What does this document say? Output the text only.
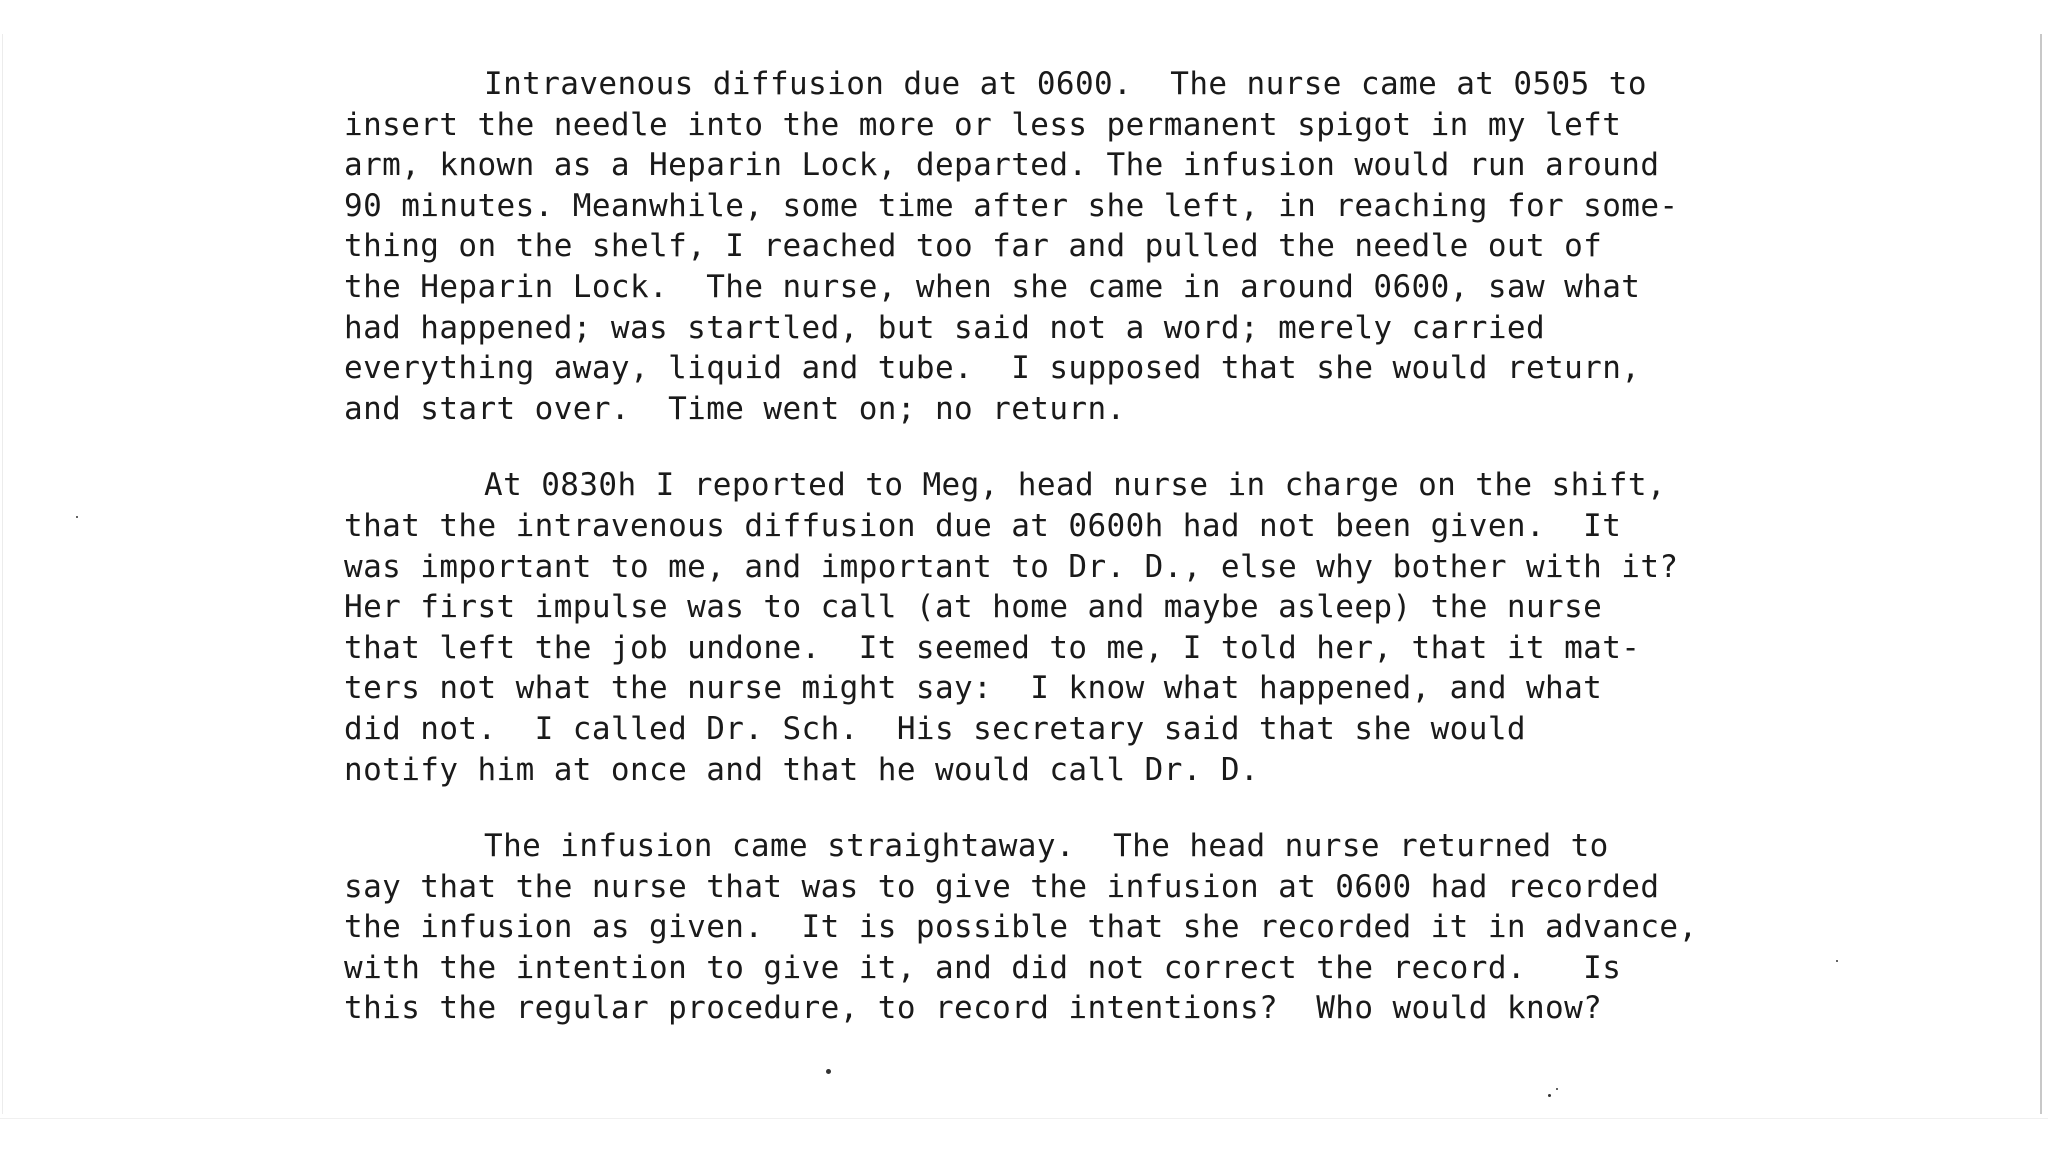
Intravenous diffusion due at 0600.  The nurse came at 0505 to
insert the needle into the more or less permanent spigot in my left
arm, known as a Heparin Lock, departed. The infusion would run around
90 minutes. Meanwhile, some time after she left, in reaching for some-
thing on the shelf, I reached too far and pulled the needle out of
the Heparin Lock.  The nurse, when she came in around 0600, saw what
had happened; was startled, but said not a word; merely carried
everything away, liquid and tube.  I supposed that she would return,
and start over.  Time went on; no return.
At 0830h I reported to Meg, head nurse in charge on the shift,
that the intravenous diffusion due at 0600h had not been given.  It
was important to me, and important to Dr. D., else why bother with it?
Her first impulse was to call (at home and maybe asleep) the nurse
that left the job undone.  It seemed to me, I told her, that it mat-
ters not what the nurse might say:  I know what happened, and what
did not.  I called Dr. Sch.  His secretary said that she would
notify him at once and that he would call Dr. D.
The infusion came straightaway.  The head nurse returned to
say that the nurse that was to give the infusion at 0600 had recorded
the infusion as given.  It is possible that she recorded it in advance,
with the intention to give it, and did not correct the record.   Is
this the regular procedure, to record intentions?  Who would know?
